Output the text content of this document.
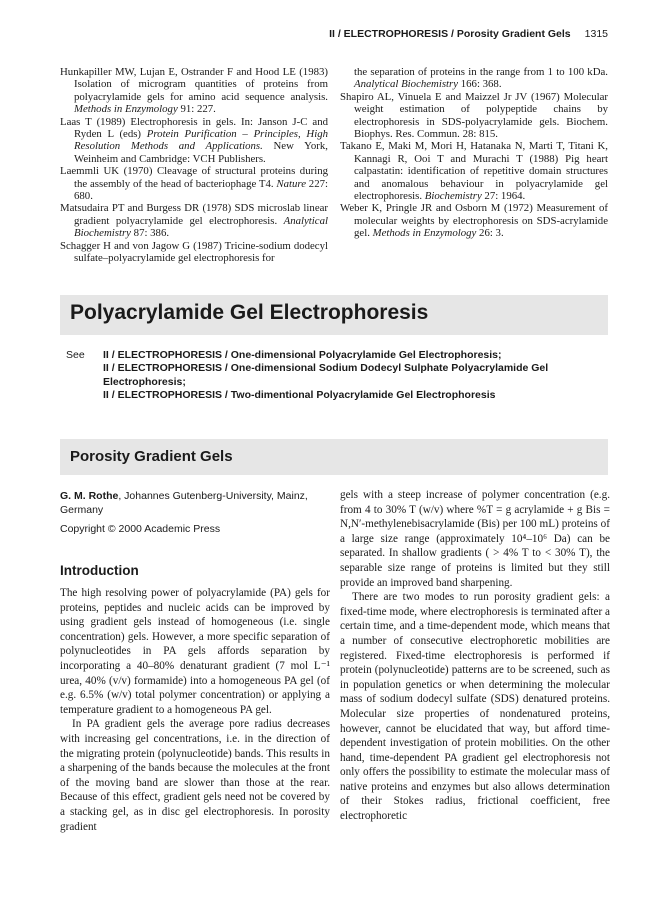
II / ELECTROPHORESIS / Porosity Gradient Gels 1315

Hunkapiller MW, Lujan E, Ostrander F and Hood LE (1983) Isolation of microgram quantities of proteins from polyacrylamide gels for amino acid sequence analysis. Methods in Enzymology 91: 227.

Laas T (1989) Electrophoresis in gels. In: Janson J-C and Ryden L (eds) Protein Purification – Principles, High Resolution Methods and Applications. New York, Weinheim and Cambridge: VCH Publishers.

Laemmli UK (1970) Cleavage of structural proteins during the assembly of the head of bacteriophage T4. Nature 227: 680.

Matsudaira PT and Burgess DR (1978) SDS microslab linear gradient polyacrylamide gel electrophoresis. Analytical Biochemistry 87: 386.

Schagger H and von Jagow G (1987) Tricine-sodium dodecyl sulfate–polyacrylamide gel electrophoresis for

the separation of proteins in the range from 1 to 100 kDa. Analytical Biochemistry 166: 368.

Shapiro AL, Vinuela E and Maizzel Jr JV (1967) Molecular weight estimation of polypeptide chains by electrophoresis in SDS-polyacrylamide gels. Biochem. Biophys. Res. Commun. 28: 815.

Takano E, Maki M, Mori H, Hatanaka N, Marti T, Titani K, Kannagi R, Ooi T and Murachi T (1988) Pig heart calpastatin: identification of repetitive domain structures and anomalous behaviour in polyacrylamide gel electrophoresis. Biochemistry 27: 1964.

Weber K, Pringle JR and Osborn M (1972) Measurement of molecular weights by electrophoresis on SDS-acrylamide gel. Methods in Enzymology 26: 3.

Polyacrylamide Gel Electrophoresis
See II / ELECTROPHORESIS / One-dimensional Polyacrylamide Gel Electrophoresis;
II / ELECTROPHORESIS / One-dimensional Sodium Dodecyl Sulphate Polyacrylamide Gel Electrophoresis;
II / ELECTROPHORESIS / Two-dimentional Polyacrylamide Gel Electrophoresis
Porosity Gradient Gels
G. M. Rothe, Johannes Gutenberg-University, Mainz, Germany
Copyright © 2000 Academic Press
Introduction

The high resolving power of polyacrylamide (PA) gels for proteins, peptides and nucleic acids can be improved by using gradient gels instead of homogeneous (i.e. single concentration) gels. However, a more specific separation of polynucleotides in PA gels affords separation by incorporating a 40–80% denaturant gradient (7 mol L⁻¹ urea, 40% (v/v) formamide) into a homogeneous PA gel (of e.g. 6.5% (w/v) total polymer concentration) or applying a temperature gradient to a homogeneous PA gel.

In PA gradient gels the average pore radius decreases with increasing gel concentrations, i.e. in the direction of the migrating protein (polynucleotide) bands. This results in a sharpening of the bands because the molecules at the front of the moving band are slower than those at the rear. Because of this effect, gradient gels need not be covered by a stacking gel, as in disc gel electrophoresis. In porosity gradient

gels with a steep increase of polymer concentration (e.g. from 4 to 30% T (w/v) where %T = g acrylamide + g Bis = N,N′-methylenebisacrylamide (Bis) per 100 mL) proteins of a large size range (approximately 10⁴–10⁶ Da) can be separated. In shallow gradients ( > 4% T to < 30% T), the separable size range of proteins is limited but they still provide an improved band sharpening.

There are two modes to run porosity gradient gels: a fixed-time mode, where electrophoresis is terminated after a certain time, and a time-dependent mode, which means that a number of consecutive electrophoretic mobilities are registered. Fixed-time electrophoresis is performed if protein (polynucleotide) patterns are to be screened, such as in population genetics or when determining the molecular mass of sodium dodecyl sulfate (SDS) denatured proteins. Molecular size properties of nondenatured proteins, however, cannot be elucidated that way, but afford time-dependent investigation of protein mobilities. On the other hand, time-dependent PA gradient gel electrophoresis not only offers the possibility to estimate the molecular mass of native proteins and enzymes but also allows determination of their Stokes radius, frictional coefficient, free electrophoretic
